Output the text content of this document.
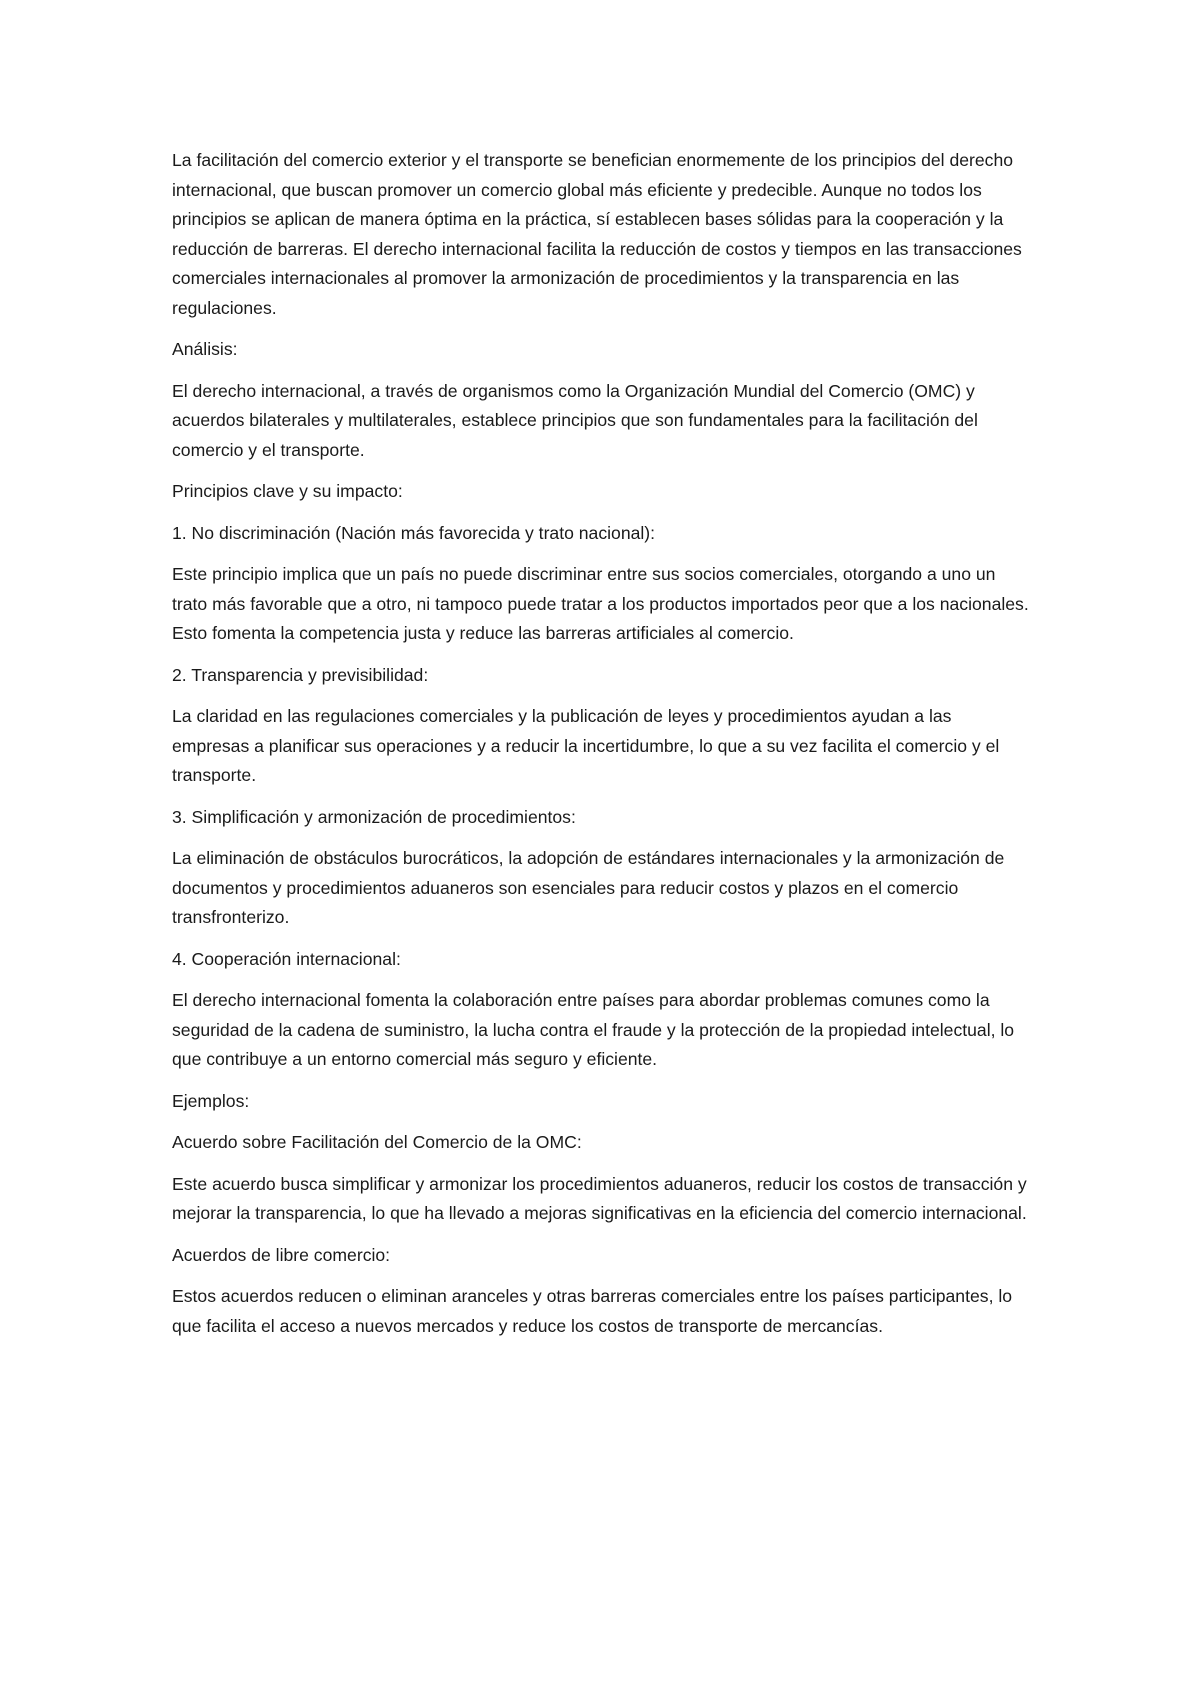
La facilitación del comercio exterior y el transporte se benefician enormemente de los principios del derecho internacional, que buscan promover un comercio global más eficiente y predecible. Aunque no todos los principios se aplican de manera óptima en la práctica, sí establecen bases sólidas para la cooperación y la reducción de barreras. El derecho internacional facilita la reducción de costos y tiempos en las transacciones comerciales internacionales al promover la armonización de procedimientos y la transparencia en las regulaciones.

Análisis:

El derecho internacional, a través de organismos como la Organización Mundial del Comercio (OMC) y acuerdos bilaterales y multilaterales, establece principios que son fundamentales para la facilitación del comercio y el transporte.

Principios clave y su impacto:

1. No discriminación (Nación más favorecida y trato nacional):

Este principio implica que un país no puede discriminar entre sus socios comerciales, otorgando a uno un trato más favorable que a otro, ni tampoco puede tratar a los productos importados peor que a los nacionales. Esto fomenta la competencia justa y reduce las barreras artificiales al comercio.

2. Transparencia y previsibilidad:

La claridad en las regulaciones comerciales y la publicación de leyes y procedimientos ayudan a las empresas a planificar sus operaciones y a reducir la incertidumbre, lo que a su vez facilita el comercio y el transporte.

3. Simplificación y armonización de procedimientos:

La eliminación de obstáculos burocráticos, la adopción de estándares internacionales y la armonización de documentos y procedimientos aduaneros son esenciales para reducir costos y plazos en el comercio transfronterizo.

4. Cooperación internacional:

El derecho internacional fomenta la colaboración entre países para abordar problemas comunes como la seguridad de la cadena de suministro, la lucha contra el fraude y la protección de la propiedad intelectual, lo que contribuye a un entorno comercial más seguro y eficiente.

Ejemplos:

Acuerdo sobre Facilitación del Comercio de la OMC:

Este acuerdo busca simplificar y armonizar los procedimientos aduaneros, reducir los costos de transacción y mejorar la transparencia, lo que ha llevado a mejoras significativas en la eficiencia del comercio internacional.

Acuerdos de libre comercio:

Estos acuerdos reducen o eliminan aranceles y otras barreras comerciales entre los países participantes, lo que facilita el acceso a nuevos mercados y reduce los costos de transporte de mercancías.
